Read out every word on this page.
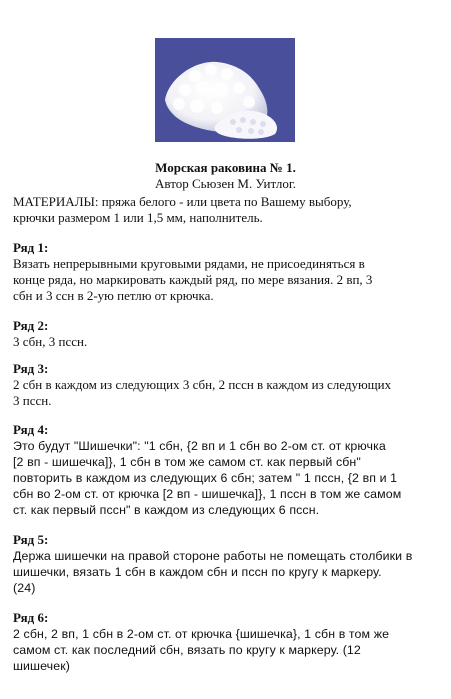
Морская раковина № 1.
Автор Сьюзен М. Уитлог.
МАТЕРИАЛЫ: пряжа белого - или цвета по Вашему выбору,
крючки размером 1 или 1,5 мм, наполнитель.
Ряд 1:
Вязать непрерывными круговыми рядами, не присоединяться в
конце ряда, но маркировать каждый ряд, по мере вязания. 2 вп, 3
сбн и 3 ссн в 2-ую петлю от крючка.
Ряд 2:
3 сбн, 3 пссн.
Ряд 3:
2 сбн в каждом из следующих 3 сбн, 2 пссн в каждом из следующих
3 пссн.
Ряд 4:
Это будут "Шишечки": "1 сбн, {2 вп и 1 сбн во 2-ом ст. от крючка
[2 вп - шишечка]}, 1 сбн в том же самом ст. как первый сбн"
повторить в каждом из следующих 6 сбн; затем " 1 пссн, {2 вп и 1
сбн во 2-ом ст. от крючка [2 вп - шишечка]}, 1 пссн в том же самом
ст. как первый пссн" в каждом из следующих 6 пссн.
Ряд 5:
Держа шишечки на правой стороне работы не помещать столбики в
шишечки, вязать 1 сбн в каждом сбн и пссн по кругу к маркеру.
(24)
Ряд 6:
2 сбн, 2 вп, 1 сбн в 2-ом ст. от крючка {шишечка}, 1 сбн в том же
самом ст. как последний сбн, вязать по кругу к маркеру. (12
шишечек)
